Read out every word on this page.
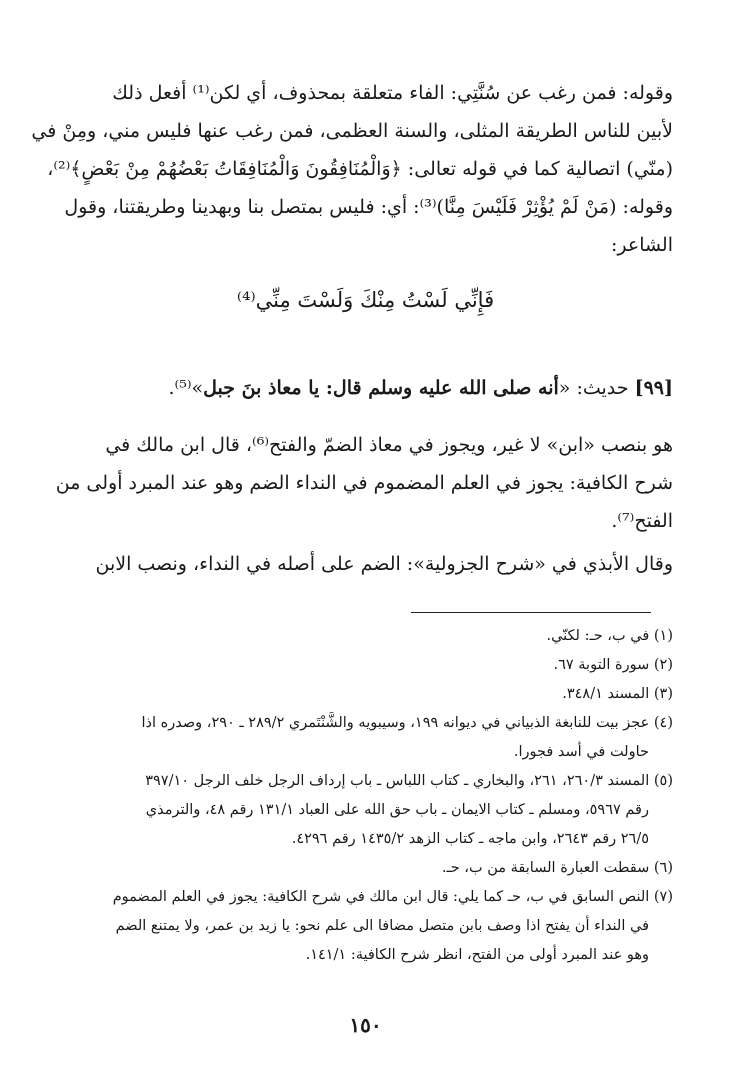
وقوله: فمن رغب عن سُنَّتِي: الفاء متعلقة بمحذوف، أي لكن⁽¹⁾ أفعل ذلك
لأبين للناس الطريقة المثلى، والسنة العظمى، فمن رغب عنها فليس مني، ومِنْ في
(منّي) اتصالية كما في قوله تعالى: ﴿وَالْمُنَافِقُونَ وَالْمُنَافِقَاتُ بَعْضُهُمْ مِنْ بَعْضٍ﴾⁽²⁾،
وقوله: (مَنْ لَمْ يُؤْثِرْ فَلَيْسَ مِنَّا)⁽³⁾: أي: فليس بمتصل بنا وبهدينا وطريقتنا، وقول
الشاعر:
فَإِنِّي لَسْتُ مِنْكَ وَلَسْتَ مِنِّي⁽⁴⁾
[٩٩] حديث: «أنه صلى الله عليه وسلم قال: يا معاذ بنَ جبل»⁽⁵⁾.
هو بنصب «ابن» لا غير، ويجوز في معاذ الضمّ والفتح⁽⁶⁾، قال ابن مالك في
شرح الكافية: يجوز في العلم المضموم في النداء الضم وهو عند المبرد أولى من
الفتح⁽⁷⁾.
وقال الأبذي في «شرح الجزولية»: الضم على أصله في النداء، ونصب الابن
(١) في ب، حـ: لكنّي.
(٢) سورة التوبة ٦٧.
(٣) المسند ٣٤٨/١.
(٤) عجز بيت للنابغة الذبياني في ديوانه ١٩٩، وسيبويه والشَّنْتَمري ٢٨٩/٢ ـ ٢٩٠، وصدره اذا
حاولت في أسد فجورا.
(٥) المسند ٢٦٠/٣، ٢٦١، والبخاري ـ كتاب اللباس ـ باب إرداف الرجل خلف الرجل ٣٩٧/١٠
رقم ٥٩٦٧، ومسلم ـ كتاب الايمان ـ باب حق الله على العباد ١٣١/١ رقم ٤٨، والترمذي
٢٦/٥ رقم ٢٦٤٣، وابن ماجه ـ كتاب الزهد ١٤٣٥/٢ رقم ٤٢٩٦.
(٦) سقطت العبارة السابقة من ب، حـ.
(٧) النص السابق في ب، حـ كما يلي: قال ابن مالك في شرح الكافية: يجوز في العلم المضموم
في النداء أن يفتح اذا وصف بابن متصل مضافا الى علم نحو: يا زيد بن عمر، ولا يمتنع الضم
وهو عند المبرد أولى من الفتح، انظر شرح الكافية: ١٤١/١.
١٥٠
